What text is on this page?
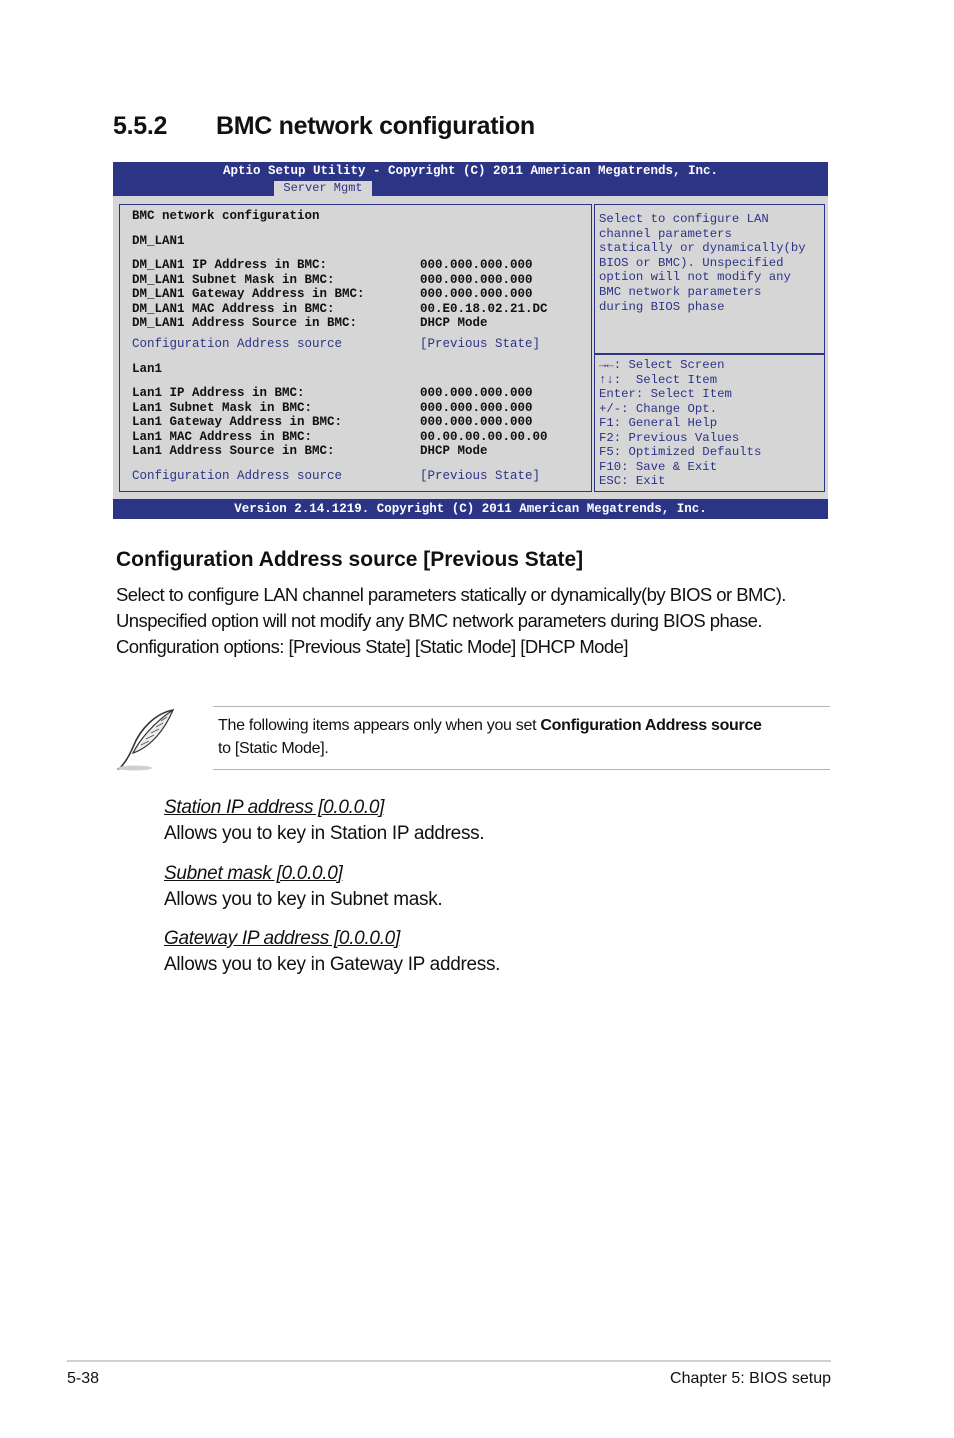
5.5.2 BMC network configuration
Aptio Setup Utility - Copyright (C) 2011 American Megatrends, Inc.
Server Mgmt
BMC network configuration
DM_LAN1
DM_LAN1 IP Address in BMC:	000.000.000.000
DM_LAN1 Subnet Mask in BMC:	000.000.000.000
DM_LAN1 Gateway Address in BMC:	000.000.000.000
DM_LAN1 MAC Address in BMC:	00.E0.18.02.21.DC
DM_LAN1 Address Source in BMC:	DHCP Mode
Configuration Address source	[Previous State]
Lan1
Lan1 IP Address in BMC:	000.000.000.000
Lan1 Subnet Mask in BMC:	000.000.000.000
Lan1 Gateway Address in BMC:	000.000.000.000
Lan1 MAC Address in BMC:	00.00.00.00.00.00
Lan1 Address Source in BMC:	DHCP Mode
Configuration Address source	[Previous State]
Select to configure LAN
channel parameters
statically or dynamically(by
BIOS or BMC). Unspecified
option will not modify any
BMC network parameters
during BIOS phase
→←: Select Screen
↑↓:  Select Item
Enter: Select Item
+/-: Change Opt.
F1: General Help
F2: Previous Values
F5: Optimized Defaults
F10: Save & Exit
ESC: Exit
Version 2.14.1219. Copyright (C) 2011 American Megatrends, Inc.
Configuration Address source [Previous State]
Select to configure LAN channel parameters statically or dynamically(by BIOS or BMC).
Unspecified option will not modify any BMC network parameters during BIOS phase.
Configuration options: [Previous State] [Static Mode] [DHCP Mode]
The following items appears only when you set Configuration Address source
to [Static Mode].
Station IP address [0.0.0.0]
Allows you to key in Station IP address.
Subnet mask [0.0.0.0]
Allows you to key in Subnet mask.
Gateway IP address [0.0.0.0]
Allows you to key in Gateway IP address.
5-38	Chapter 5: BIOS setup
